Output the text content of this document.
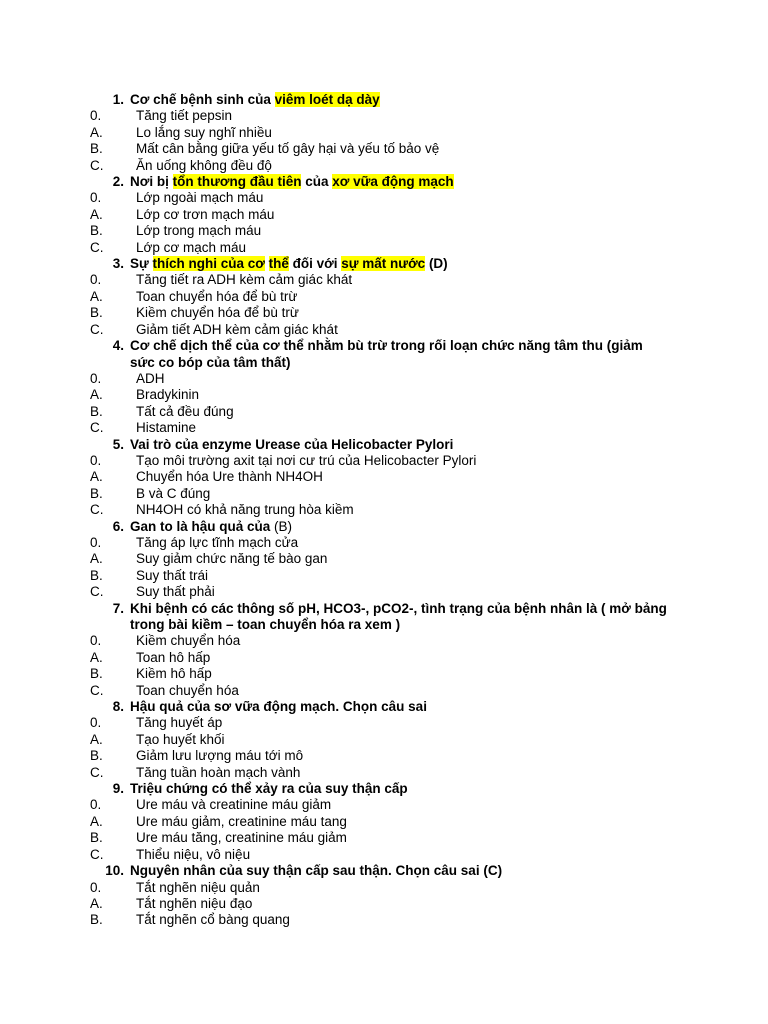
1. Cơ chế bệnh sinh của viêm loét dạ dày
0.	Tăng tiết pepsin
A.	Lo lắng suy nghĩ nhiều
B.	Mất cân bằng giữa yếu tố gây hại và yếu tố bảo vệ
C.	Ăn uống không đều độ
2. Nơi bị tổn thương đầu tiên của xơ vữa động mạch
0.	Lớp ngoài mạch máu
A.	Lớp cơ trơn mạch máu
B.	Lớp trong mạch máu
C.	Lớp cơ mạch máu
3. Sự thích nghi của cơ thể đối với sự mất nước (D)
0.	Tăng tiết ra ADH kèm cảm giác khát
A.	Toan chuyển hóa để bù trừ
B.	Kiềm chuyển hóa để bù trừ
C.	Giảm tiết ADH kèm cảm giác khát
4. Cơ chế dịch thể của cơ thể nhằm bù trừ trong rối loạn chức năng tâm thu (giảm sức co bóp của tâm thất)
0.	ADH
A.	Bradykinin
B.	Tất cả đều đúng
C.	Histamine
5. Vai trò của enzyme Urease của Helicobacter Pylori
0.	Tạo môi trường axit tại nơi cư trú của Helicobacter Pylori
A.	Chuyển hóa Ure thành NH4OH
B.	B và C đúng
C.	NH4OH có khả năng trung hòa kiềm
6. Gan to là hậu quả của (B)
0.	Tăng áp lực tĩnh mạch cửa
A.	Suy giảm chức năng tế bào gan
B.	Suy thất trái
C.	Suy thất phải
7. Khi bệnh có các thông số pH, HCO3-, pCO2-, tình trạng của bệnh nhân là ( mở bảng trong bài kiềm – toan chuyển hóa ra xem )
0.	Kiềm chuyển hóa
A.	Toan hô hấp
B.	Kiềm hô hấp
C.	Toan chuyển hóa
8. Hậu quả của sơ vữa động mạch. Chọn câu sai
0.	Tăng huyết áp
A.	Tạo huyết khối
B.	Giảm lưu lượng máu tới mô
C.	Tăng tuần hoàn mạch vành
9. Triệu chứng có thể xảy ra của suy thận cấp
0.	Ure máu và creatinine máu giảm
A.	Ure máu giảm, creatinine máu tang
B.	Ure máu tăng, creatinine máu giảm
C.	Thiểu niệu, vô niệu
10. Nguyên nhân của suy thận cấp sau thận. Chọn câu sai (C)
0.	Tắt nghẽn niệu quản
A.	Tắt nghẽn niệu đạo
B.	Tắt nghẽn cổ bàng quang
